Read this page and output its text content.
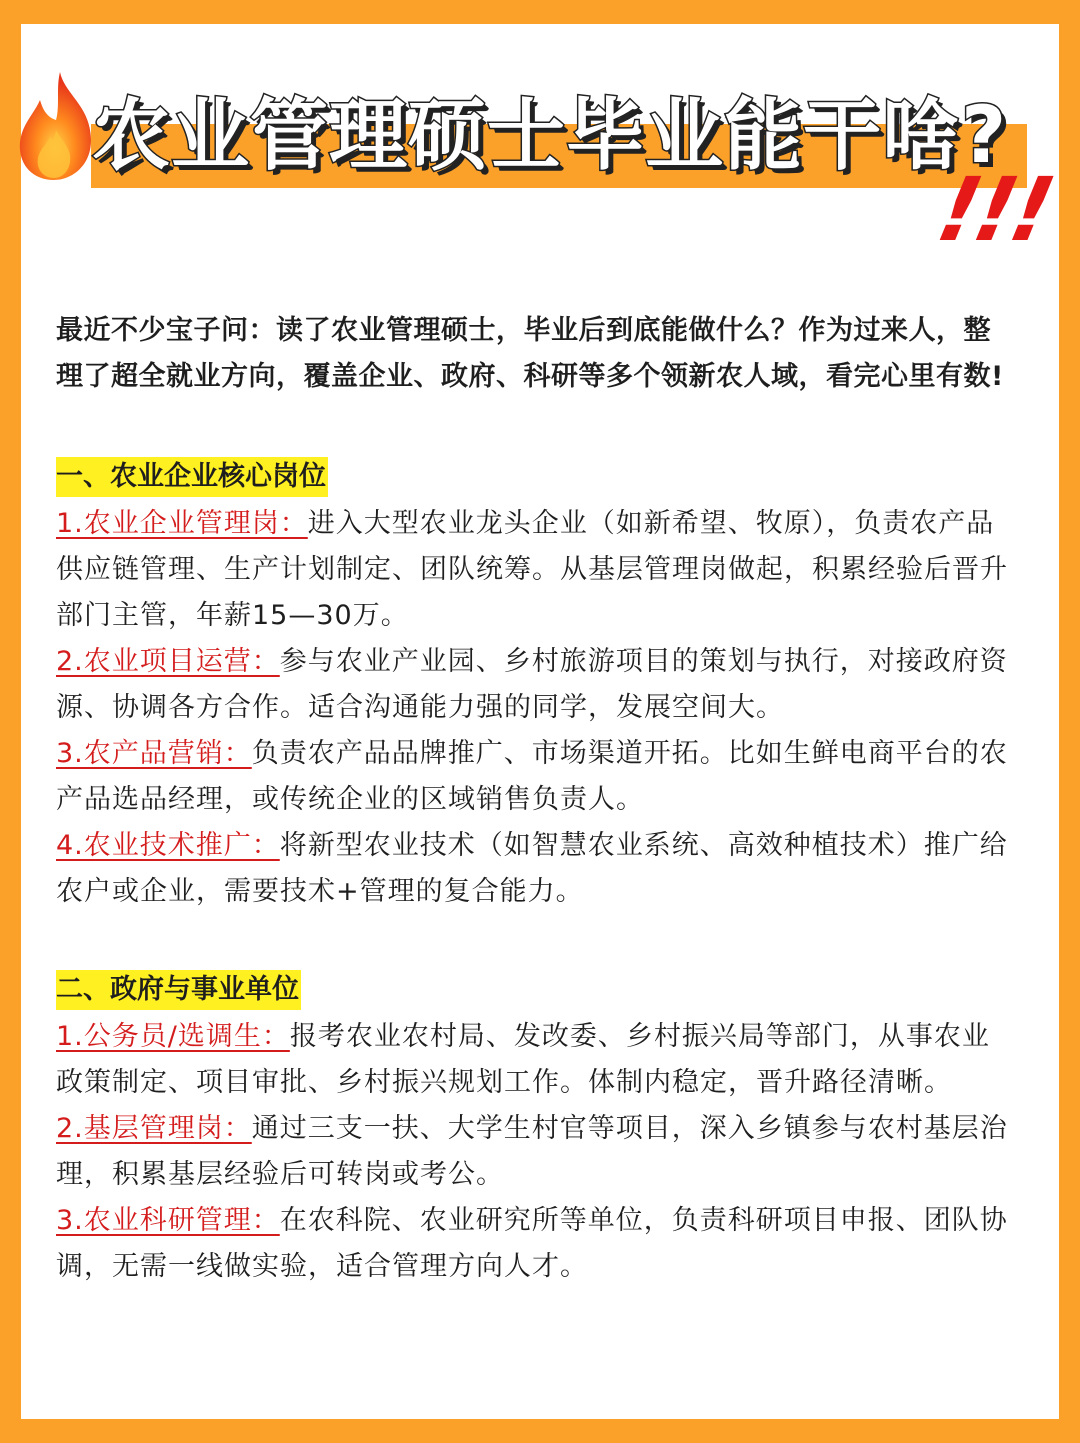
农业管理硕士毕业能干啥?
!!!

最近不少宝子问：读了农业管理硕士，毕业后到底能做什么？作为过来人，整理了超全就业方向，覆盖企业、政府、科研等多个领新农人域，看完心里有数!

一、农业企业核心岗位

1.农业企业管理岗：进入大型农业龙头企业（如新希望、牧原），负责农产品供应链管理、生产计划制定、团队统筹。从基层管理岗做起，积累经验后晋升部门主管，年薪15—30万。

2.农业项目运营：参与农业产业园、乡村旅游项目的策划与执行，对接政府资源、协调各方合作。适合沟通能力强的同学，发展空间大。

3.农产品营销：负责农产品品牌推广、市场渠道开拓。比如生鲜电商平台的农产品选品经理，或传统企业的区域销售负责人。

4.农业技术推广：将新型农业技术（如智慧农业系统、高效种植技术）推广给农户或企业，需要技术+管理的复合能力。

二、政府与事业单位

1.公务员/选调生：报考农业农村局、发改委、乡村振兴局等部门，从事农业政策制定、项目审批、乡村振兴规划工作。体制内稳定，晋升路径清晰。

2.基层管理岗：通过三支一扶、大学生村官等项目，深入乡镇参与农村基层治理，积累基层经验后可转岗或考公。

3.农业科研管理：在农科院、农业研究所等单位，负责科研项目申报、团队协调，无需一线做实验，适合管理方向人才。
